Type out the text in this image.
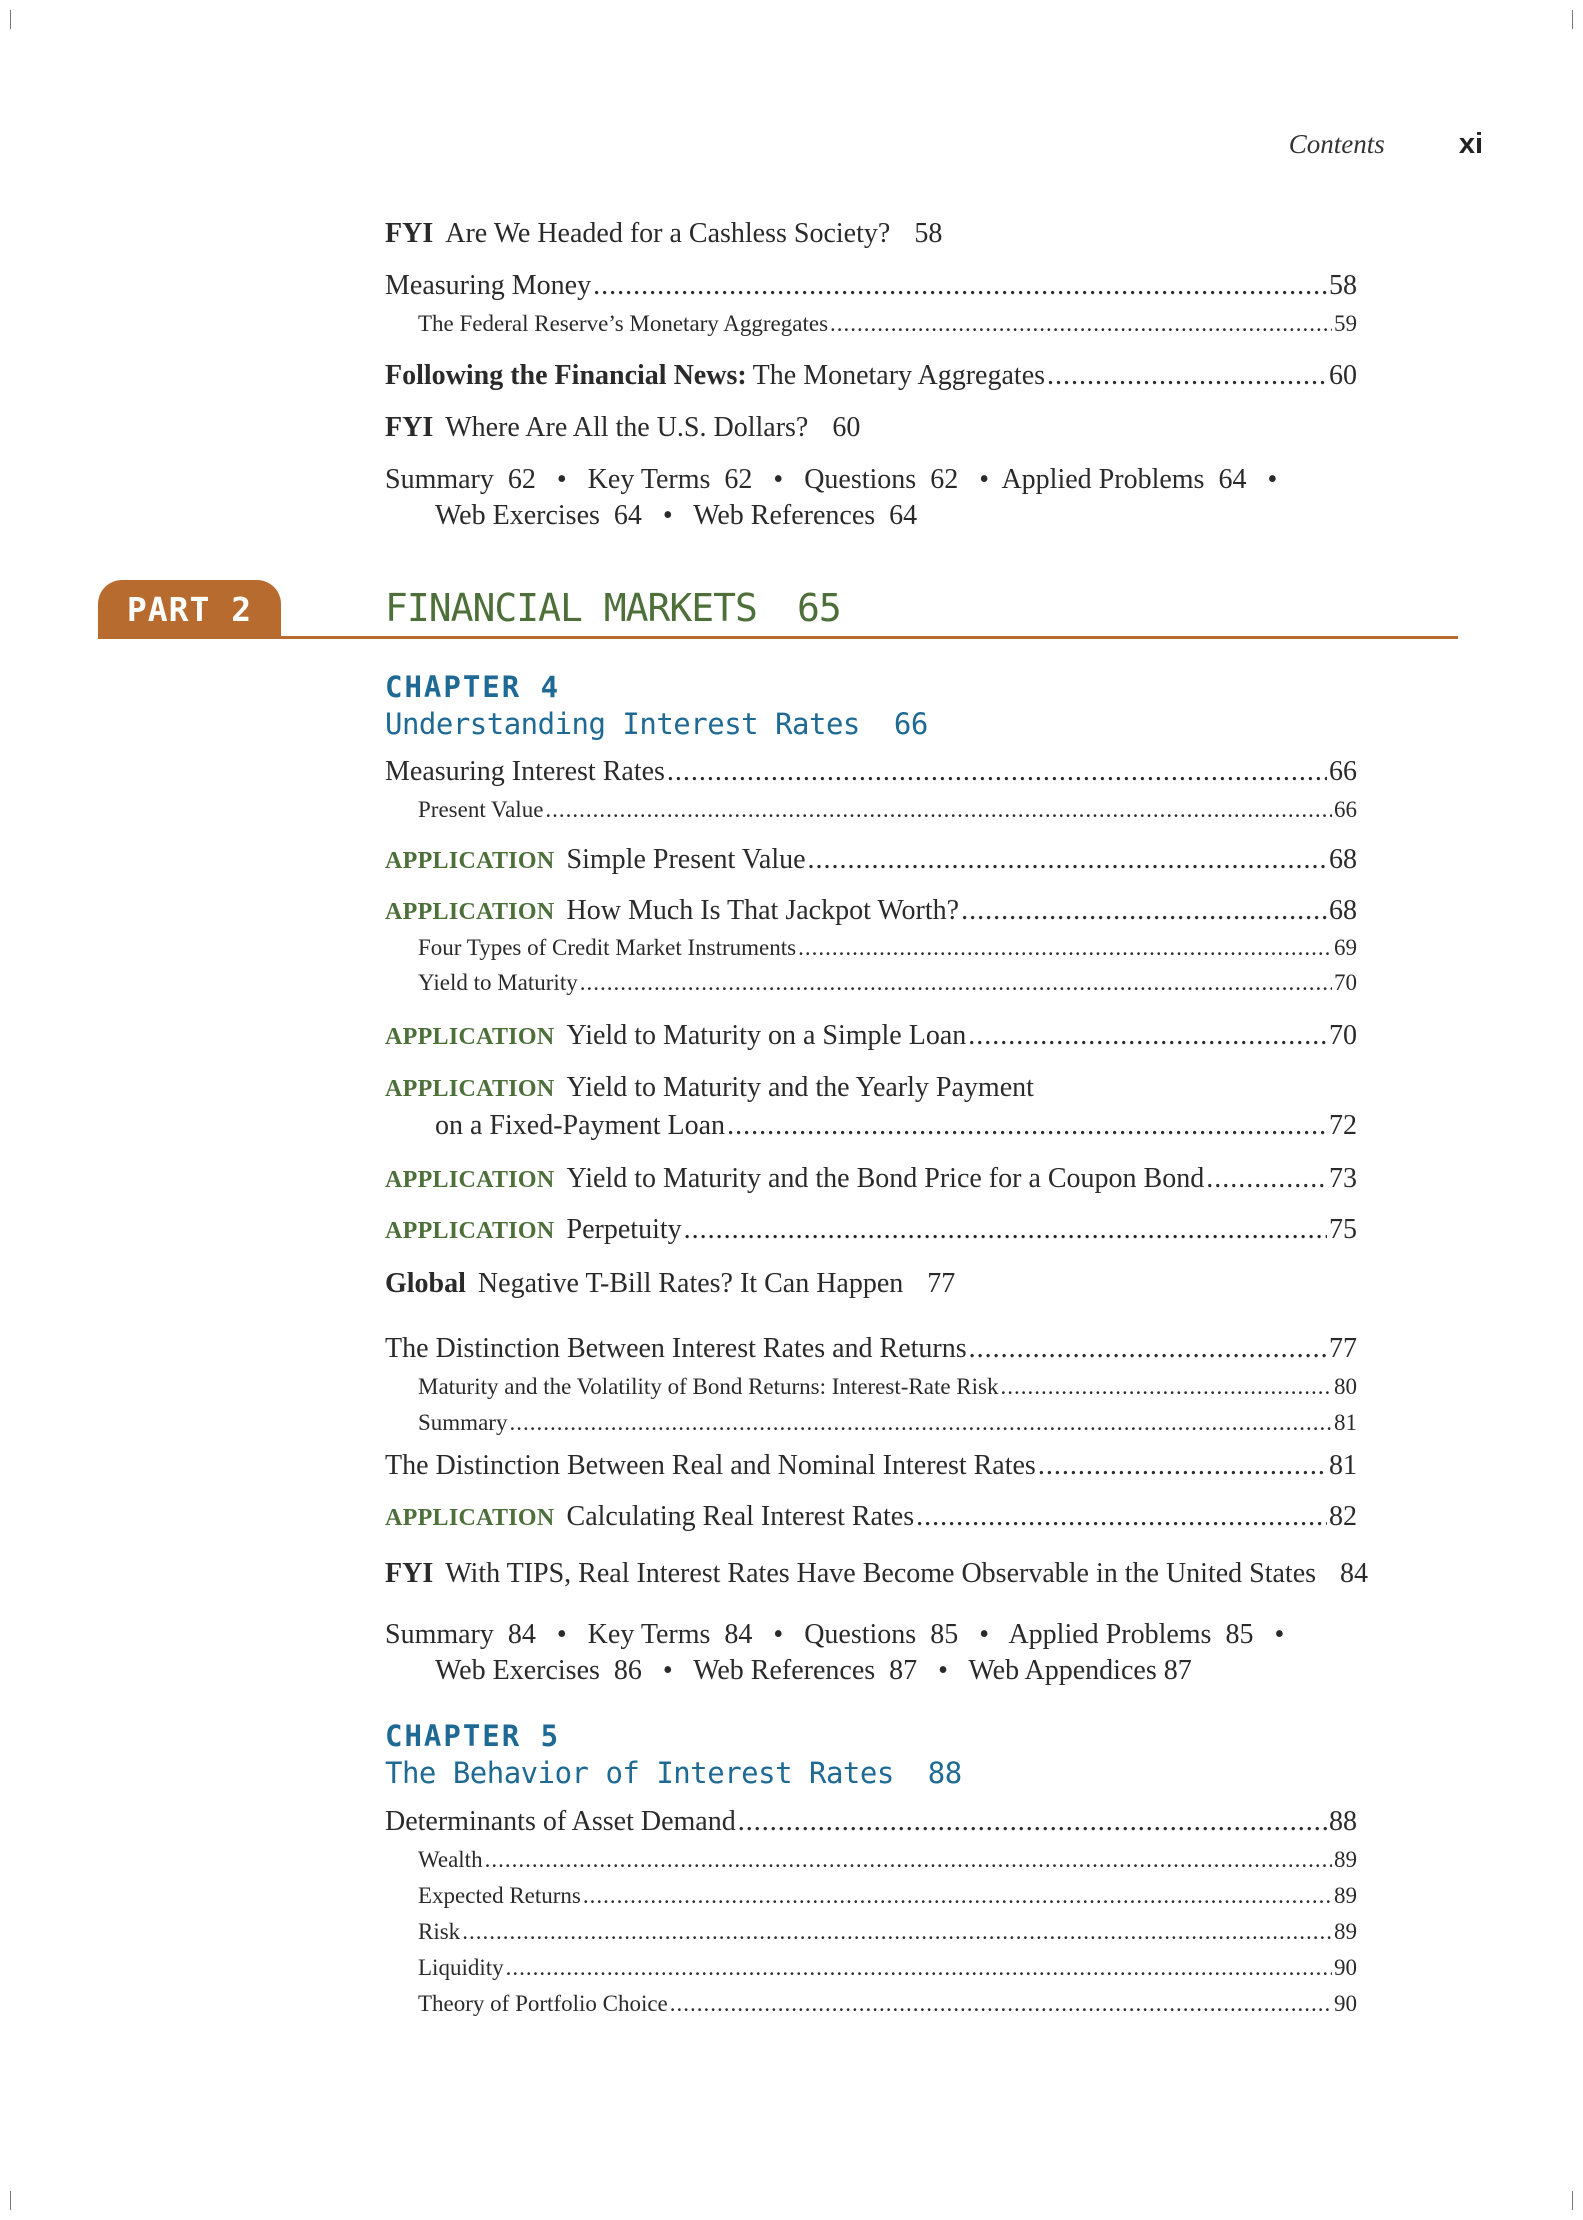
Contents	xi
FYI Are We Headed for a Cashless Society? 58
Measuring Money .....	58
The Federal Reserve’s Monetary Aggregates .....	59
Following the Financial News: The Monetary Aggregates .....	60
FYI Where Are All the U.S. Dollars? 60
Summary  62   •   Key Terms  62   •   Questions  62   •  Applied Problems  64   •
Web Exercises  64   •   Web References  64
PART 2	FINANCIAL MARKETS 65
CHAPTER 4
Understanding Interest Rates 66
Measuring Interest Rates .....	66
Present Value .....	66
APPLICATION Simple Present Value .....	68
APPLICATION How Much Is That Jackpot Worth? .....	68
Four Types of Credit Market Instruments .....	69
Yield to Maturity .....	70
APPLICATION Yield to Maturity on a Simple Loan .....	70
APPLICATION Yield to Maturity and the Yearly Payment
on a Fixed-Payment Loan .....	72
APPLICATION Yield to Maturity and the Bond Price for a Coupon Bond .....	73
APPLICATION Perpetuity .....	75
Global Negative T-Bill Rates? It Can Happen 77
The Distinction Between Interest Rates and Returns .....	77
Maturity and the Volatility of Bond Returns: Interest-Rate Risk .....	80
Summary .....	81
The Distinction Between Real and Nominal Interest Rates .....	81
APPLICATION Calculating Real Interest Rates .....	82
FYI With TIPS, Real Interest Rates Have Become Observable in the United States 84
Summary  84   •   Key Terms  84   •   Questions  85   •   Applied Problems  85   •
Web Exercises  86   •   Web References  87   •   Web Appendices 87
CHAPTER 5
The Behavior of Interest Rates 88
Determinants of Asset Demand .....	88
Wealth .....	89
Expected Returns .....	89
Risk .....	89
Liquidity .....	90
Theory of Portfolio Choice .....	90
